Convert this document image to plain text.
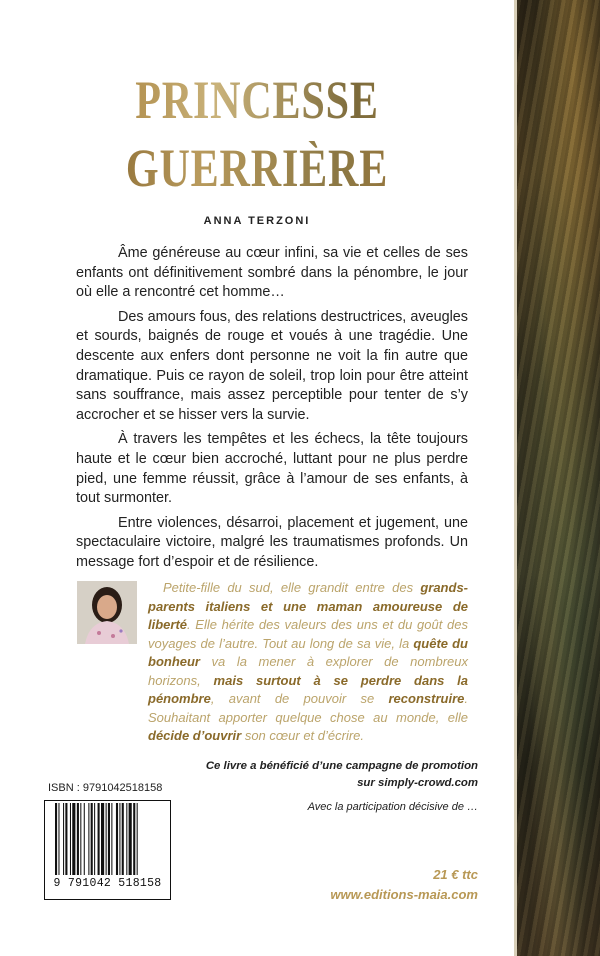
PRINCESSE
GUERRIÈRE
ANNA TERZONI

Âme généreuse au cœur infini, sa vie et celles de ses enfants ont définitivement sombré dans la pénombre, le jour où elle a rencontré cet homme…

Des amours fous, des relations destructrices, aveugles et sourds, baignés de rouge et voués à une tragédie. Une descente aux enfers dont personne ne voit la fin autre que dramatique. Puis ce rayon de soleil, trop loin pour être atteint sans souffrance, mais assez perceptible pour tenter de s’y accrocher et se hisser vers la survie.

À travers les tempêtes et les échecs, la tête toujours haute et le cœur bien accroché, luttant pour ne plus perdre pied, une femme réussit, grâce à l’amour de ses enfants, à tout surmonter.

Entre violences, désarroi, placement et jugement, une spectaculaire victoire, malgré les traumatismes profonds. Un message fort d’espoir et de résilience.

Petite-fille du sud, elle grandit entre des grands-parents italiens et une maman amoureuse de liberté. Elle hérite des valeurs des uns et du goût des voyages de l’autre. Tout au long de sa vie, la quête du bonheur va la mener à explorer de nombreux horizons, mais surtout à se perdre dans la pénombre, avant de pouvoir se reconstruire. Souhaitant apporter quelque chose au monde, elle décide d’ouvrir son cœur et d’écrire.
Ce livre a bénéficié d’une campagne de promotion
sur simply-crowd.com
Avec la participation décisive de …
ISBN : 9791042518158
9 791042 518158
21 € ttc
www.editions-maia.com
